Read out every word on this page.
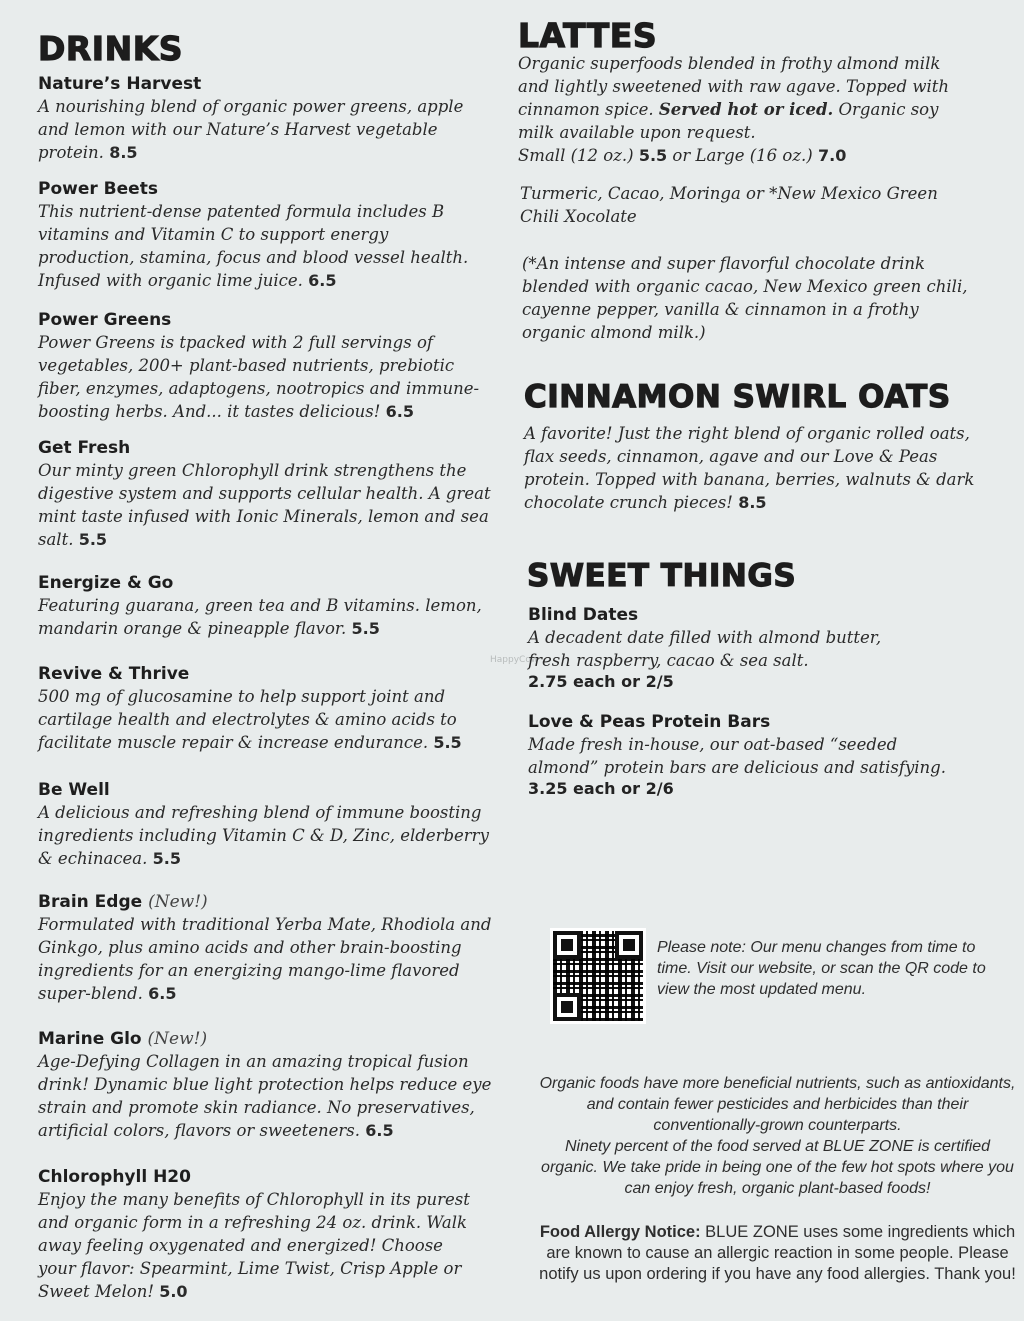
DRINKS
Nature’s Harvest
A nourishing blend of organic power greens, apple and lemon with our Nature’s Harvest vegetable protein. 8.5
Power Beets
This nutrient-dense patented formula includes B vitamins and Vitamin C to support energy production, stamina, focus and blood vessel health. Infused with organic lime juice. 6.5
Power Greens
Power Greens is tpacked with 2 full servings of vegetables, 200+ plant-based nutrients, prebiotic fiber, enzymes, adaptogens, nootropics and immune-boosting herbs. And... it tastes delicious! 6.5
Get Fresh
Our minty green Chlorophyll drink strengthens the digestive system and supports cellular health. A great mint taste infused with Ionic Minerals, lemon and sea salt. 5.5
Energize & Go
Featuring guarana, green tea and B vitamins. lemon, mandarin orange & pineapple flavor. 5.5
Revive & Thrive
500 mg of glucosamine to help support joint and cartilage health and electrolytes & amino acids to facilitate muscle repair & increase endurance. 5.5
Be Well
A delicious and refreshing blend of immune boosting ingredients including Vitamin C & D, Zinc, elderberry & echinacea. 5.5
Brain Edge (New!)
Formulated with traditional Yerba Mate, Rhodiola and Ginkgo, plus amino acids and other brain-boosting ingredients for an energizing mango-lime flavored super-blend. 6.5
Marine Glo (New!)
Age-Defying Collagen in an amazing tropical fusion drink! Dynamic blue light protection helps reduce eye strain and promote skin radiance. No preservatives, artificial colors, flavors or sweeteners. 6.5
Chlorophyll H20
Enjoy the many benefits of Chlorophyll in its purest and organic form in a refreshing 24 oz. drink. Walk away feeling oxygenated and energized! Choose your flavor: Spearmint, Lime Twist, Crisp Apple or Sweet Melon! 5.0
HappyCow
LATTES
Organic superfoods blended in frothy almond milk and lightly sweetened with raw agave. Topped with cinnamon spice. Served hot or iced. Organic soy milk available upon request.
Small (12 oz.) 5.5 or Large (16 oz.) 7.0
Turmeric, Cacao, Moringa or *New Mexico Green Chili Xocolate
(*An intense and super flavorful chocolate drink blended with organic cacao, New Mexico green chili, cayenne pepper, vanilla & cinnamon in a frothy organic almond milk.)
CINNAMON SWIRL OATS
A favorite! Just the right blend of organic rolled oats, flax seeds, cinnamon, agave and our Love & Peas protein. Topped with banana, berries, walnuts & dark chocolate crunch pieces! 8.5
SWEET THINGS
Blind Dates
A decadent date filled with almond butter, fresh raspberry, cacao & sea salt.
2.75 each or 2/5
Love & Peas Protein Bars
Made fresh in-house, our oat-based “seeded almond” protein bars are delicious and satisfying.
3.25 each or 2/6
Please note: Our menu changes from time to time. Visit our website, or scan the QR code to view the most updated menu.
Organic foods have more beneficial nutrients, such as antioxidants, and contain fewer pesticides and herbicides than their conventionally-grown counterparts.
Ninety percent of the food served at BLUE ZONE is certified organic. We take pride in being one of the few hot spots where you can enjoy fresh, organic plant-based foods!
Food Allergy Notice: BLUE ZONE uses some ingredients which are known to cause an allergic reaction in some people. Please notify us upon ordering if you have any food allergies. Thank you!
